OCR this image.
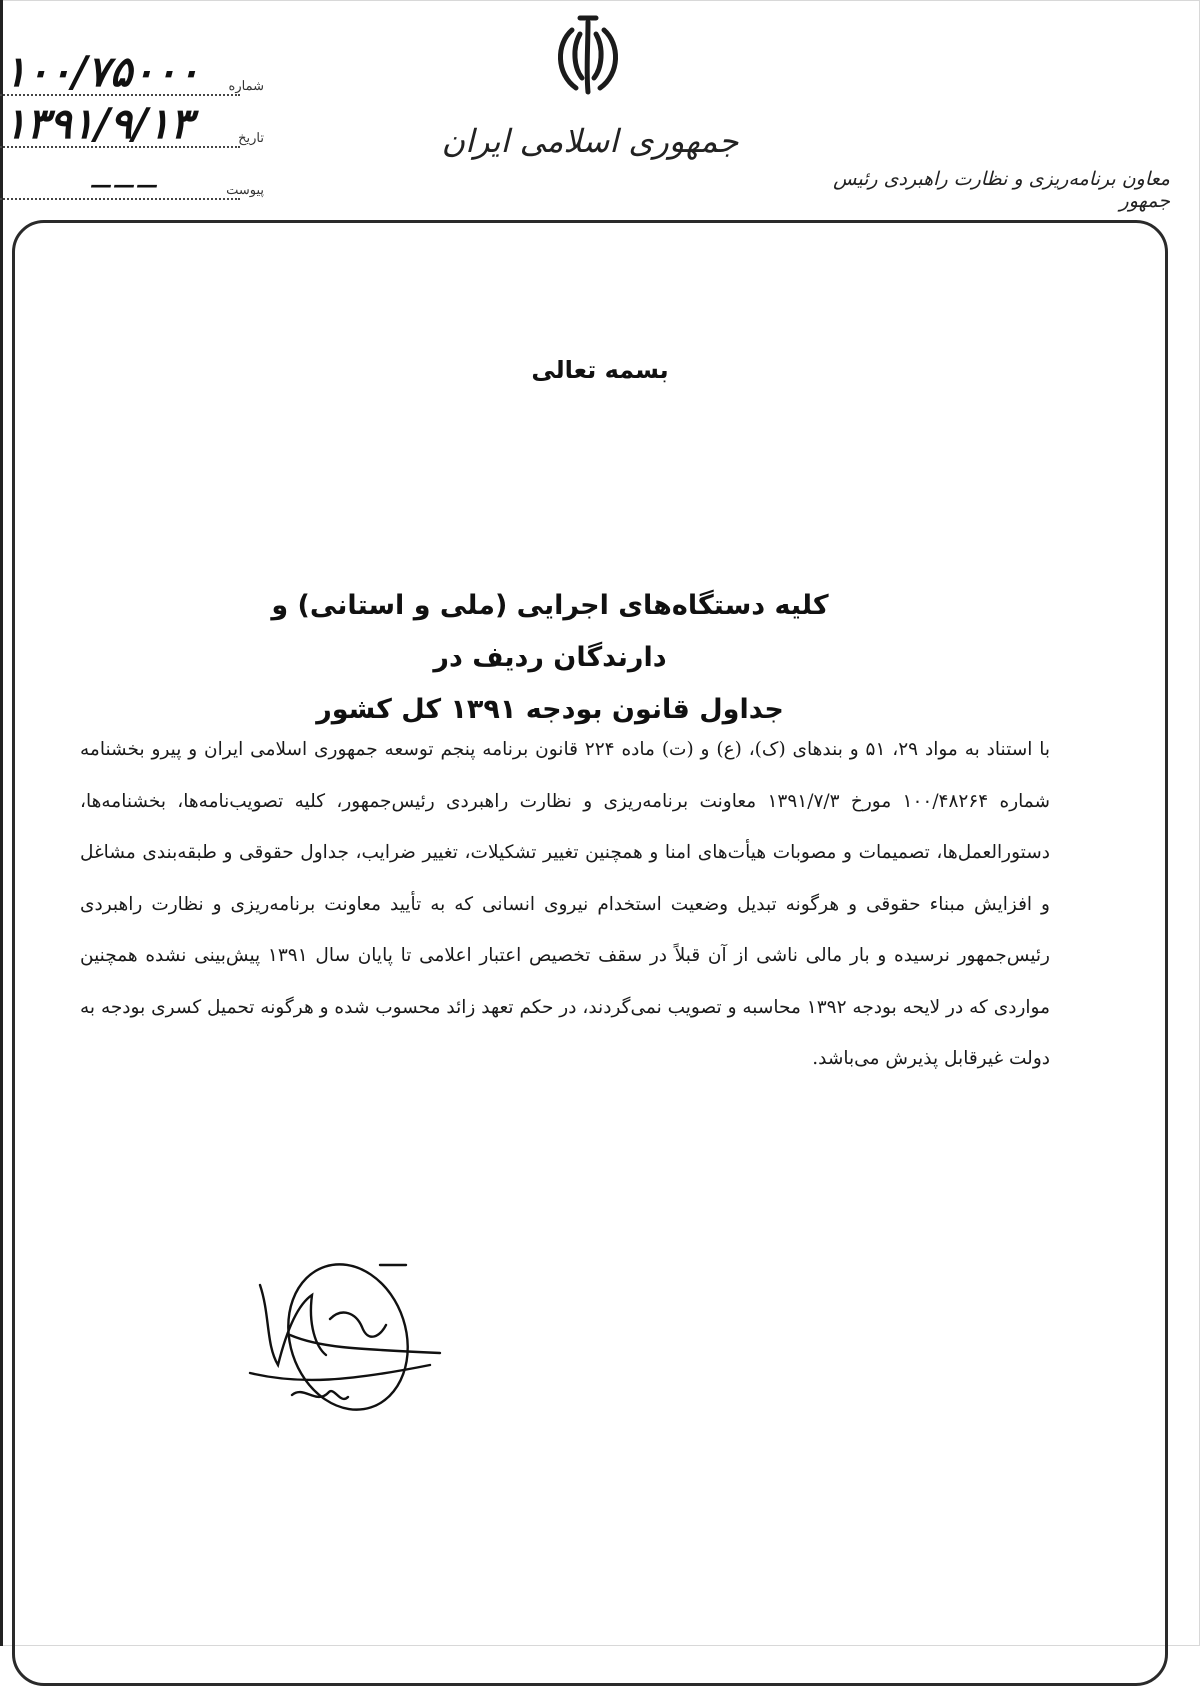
جمهوری اسلامی ایران
معاون برنامه‌ریزی و نظارت راهبردی رئیس جمهور
۱۰۰/۷۵۰۰۰ شماره
۱۳۹۱/۹/۱۳	تاریخ
———	پیوست
بسمه تعالی
کلیه دستگاه‌های اجرایی (ملی و استانی) و دارندگان ردیف در
جداول قانون بودجه ۱۳۹۱ کل کشور
با استناد به مواد ۲۹، ۵۱ و بندهای (ک)، (ع) و (ت) ماده ۲۲۴ قانون برنامه پنجم توسعه جمهوری اسلامی ایران و پیرو بخشنامه شماره ۱۰۰/۴۸۲۶۴ مورخ ۱۳۹۱/۷/۳ معاونت برنامه‌ریزی و نظارت راهبردی رئیس‌جمهور، کلیه تصویب‌نامه‌ها، بخشنامه‌ها، دستورالعمل‌ها، تصمیمات و مصوبات هیأت‌های امنا و همچنین تغییر تشکیلات، تغییر ضرایب، جداول حقوقی و طبقه‌بندی مشاغل و افزایش مبناء حقوقی و هرگونه تبدیل وضعیت استخدام نیروی انسانی که به تأیید معاونت برنامه‌ریزی و نظارت راهبردی رئیس‌جمهور نرسیده و بار مالی ناشی از آن قبلاً در سقف تخصیص اعتبار اعلامی تا پایان سال ۱۳۹۱ پیش‌بینی نشده همچنین مواردی که در لایحه بودجه ۱۳۹۲ محاسبه و تصویب نمی‌گردند، در حکم تعهد زائد محسوب شده و هرگونه تحمیل کسری بودجه به دولت غیرقابل پذیرش می‌باشد.
